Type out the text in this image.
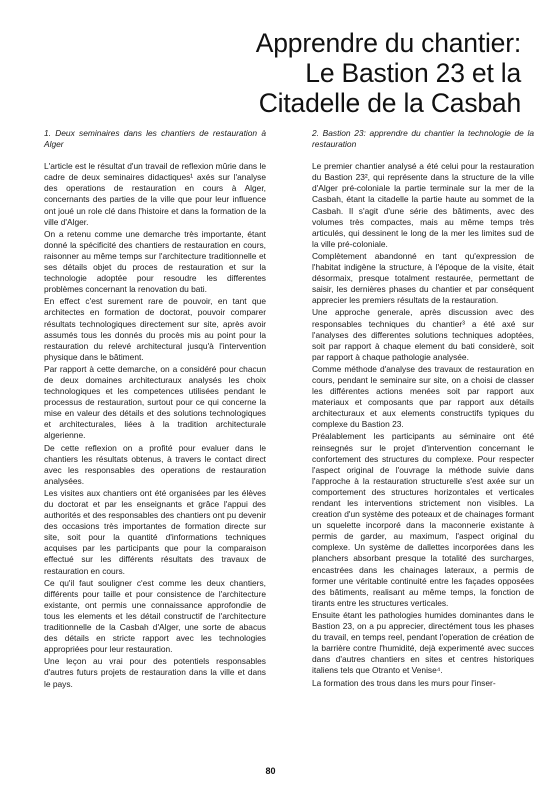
Apprendre du chantier:
Le Bastion 23 et la
Citadelle de la Casbah
1. Deux seminaires dans les chantiers de restauration à Alger

L'article est le résultat d'un travail de reflexion mûrie dans le cadre de deux seminaires didactiques¹ axés sur l'analyse des operations de restauration en cours à Alger, concernants des parties de la ville que pour leur influence ont joué un role clé dans l'histoire et dans la formation de la ville d'Alger.

On a retenu comme une demarche très importante, étant donné la spécificité des chantiers de restauration en cours, raisonner au même temps sur l'architecture traditionnelle et ses détails objet du proces de restauration et sur la technologie adoptée pour resoudre les differentes problèmes concernant la renovation du bati.

En effect c'est surement rare de pouvoir, en tant que architectes en formation de doctorat, pouvoir comparer résultats technologiques directement sur site, après avoir assumés tous les donnés du procès mis au point pour la restauration du relevé architectural jusqu'à l'intervention physique dans le bâtiment.

Par rapport à cette demarche, on a considéré pour chacun de deux domaines architecturaux analysés les choix technologiques et les competences utilisées pendant le processus de restauration, surtout pour ce qui concerne la mise en valeur des détails et des solutions technologiques et architecturales, liées à la tradition architecturale algerienne.

De cette reflexion on a profité pour evaluer dans le chantiers les résultats obtenus, à travers le contact direct avec les responsables des operations de restauration analysées.

Les visites aux chantiers ont été organisées par les élèves du doctorat et par les enseignants et grâce l'appui des authorités et des responsables des chantiers ont pu devenir des occasions très importantes de formation directe sur site, soit pour la quantité d'informations techniques acquises par les participants que pour la comparaison effectué sur les différents résultats des travaux de restauration en cours.

Ce qu'il faut souligner c'est comme les deux chantiers, différents pour taille et pour consistence de l'architecture existante, ont permis une connaissance approfondie de tous les elements et les détail constructif de l'architecture traditionnelle de la Casbah d'Alger, une sorte de abacus des détails en stricte rapport avec les technologies appropriées pour leur restauration.

Une leçon au vrai pour des potentiels responsables d'autres futurs projets de restauration dans la ville et dans le pays.

2. Bastion 23: apprendre du chantier la technologie de la restauration

Le premier chantier analysé a été celui pour la restauration du Bastion 23², qui représente dans la structure de la ville d'Alger pré-coloniale la partie terminale sur la mer de la Casbah, étant la citadelle la partie haute au sommet de la Casbah. Il s'agit d'une série des bâtiments, avec des volumes très compactes, mais au même temps très articulés, qui dessinent le long de la mer les limites sud de la ville pré-coloniale.

Complètement abandonné en tant qu'expression de l'habitat indigène la structure, à l'époque de la visite, était désormaix, presque totalment restaurée, permettant de saisir, les dernières phases du chantier et par conséquent apprecier les premiers résultats de la restauration.

Une approche generale, après discussion avec des responsables techniques du chantier³ a été axé sur l'analyses des differentes solutions techniques adoptées, soit par rapport à chaque element du bati considerè, soit par rapport à chaque pathologie analysée.

Comme méthode d'analyse des travaux de restauration en cours, pendant le seminaire sur site, on a choisi de classer les différentes actions menées soit par rapport aux materiaux et composants que par rapport aux détails architecturaux et aux elements constructifs typiques du complexe du Bastion 23.

Préalablement les participants au séminaire ont été reinsegnés sur le projet d'intervention concernant le confortement des structures du complexe. Pour respecter l'aspect original de l'ouvrage la méthode suivie dans l'approche à la restauration structurelle s'est axée sur un comportement des structures horizontales et verticales rendant les interventions strictement non visibles. La creation d'un système des poteaux et de chainages formant un squelette incorporé dans la maconnerie existante à permis de garder, au maximum, l'aspect original du complexe. Un système de dallettes incorporées dans les planchers absorbant presque la totalité des surcharges, encastrées dans les chainages lateraux, a permis de former une véritable continuité entre les façades opposées des bâtiments, realisant au même temps, la fonction de tirants entre les structures verticales.

Ensuite étant les pathologies humides dominantes dans le Bastion 23, on a pu apprecier, directément tous les phases du travail, en temps reel, pendant l'operation de création de la barrière contre l'humidité, dejà experimenté avec succes dans d'autres chantiers en sites et centres historiques italiens tels que Otranto et Venise⁴.

La formation des trous dans les murs pour l'inser-

80
